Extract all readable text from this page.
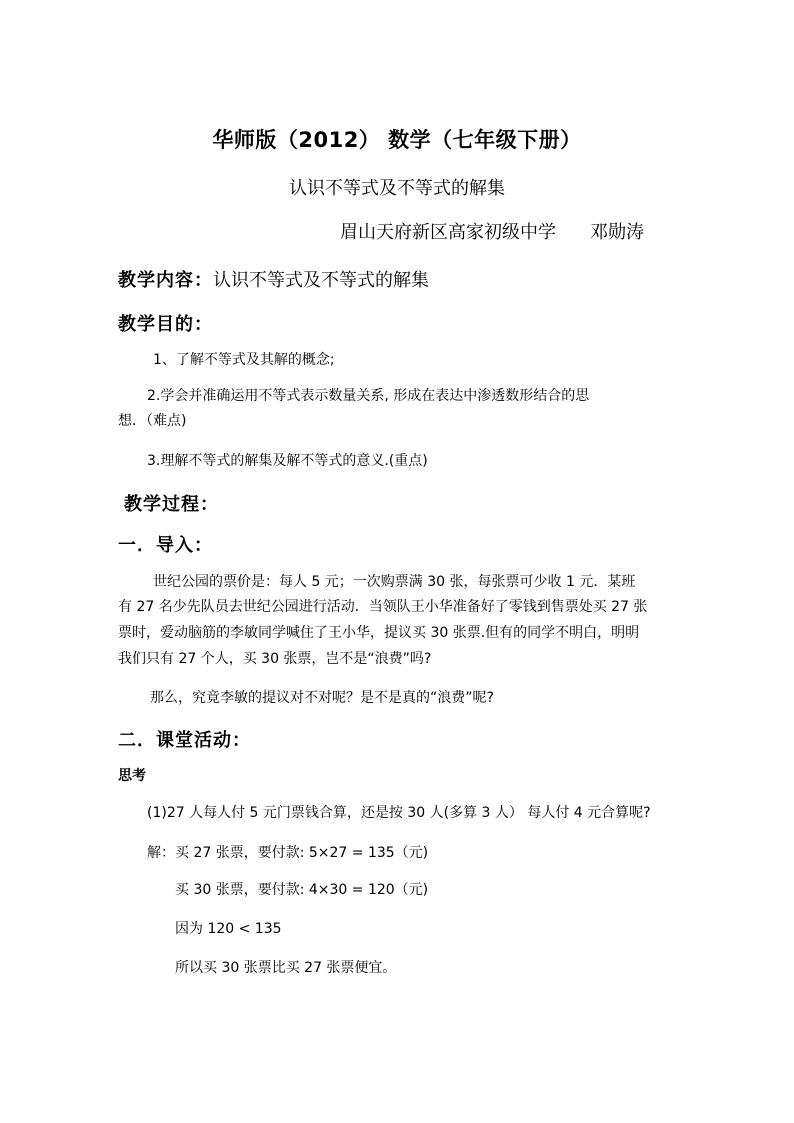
华师版（2012） 数学（七年级下册）
认识不等式及不等式的解集
眉山天府新区高家初级中学 邓勋涛
教学内容：认识不等式及不等式的解集
教学目的：
1、了解不等式及其解的概念;
2.学会并准确运用不等式表示数量关系, 形成在表达中渗透数形结合的思
想．（难点)
3.理解不等式的解集及解不等式的意义.(重点)
教学过程：
一．导入：
世纪公园的票价是：每人 5 元；一次购票满 30 张，每张票可少收 1 元．某班
有 27 名少先队员去世纪公园进行活动．当领队王小华准备好了零钱到售票处买 27 张
票时，爱动脑筋的李敏同学喊住了王小华，提议买 30 张票.但有的同学不明白，明明
我们只有 27 个人，买 30 张票，岂不是“浪费”吗?
那么，究竟李敏的提议对不对呢？是不是真的“浪费”呢?
二．课堂活动：
思考
(1)27 人每人付 5 元门票钱合算，还是按 30 人(多算 3 人） 每人付 4 元合算呢?
解：买 27 张票，要付款: 5×27 = 135（元)
买 30 张票，要付款: 4×30 = 120（元)
因为 120 < 135
所以买 30 张票比买 27 张票便宜。
